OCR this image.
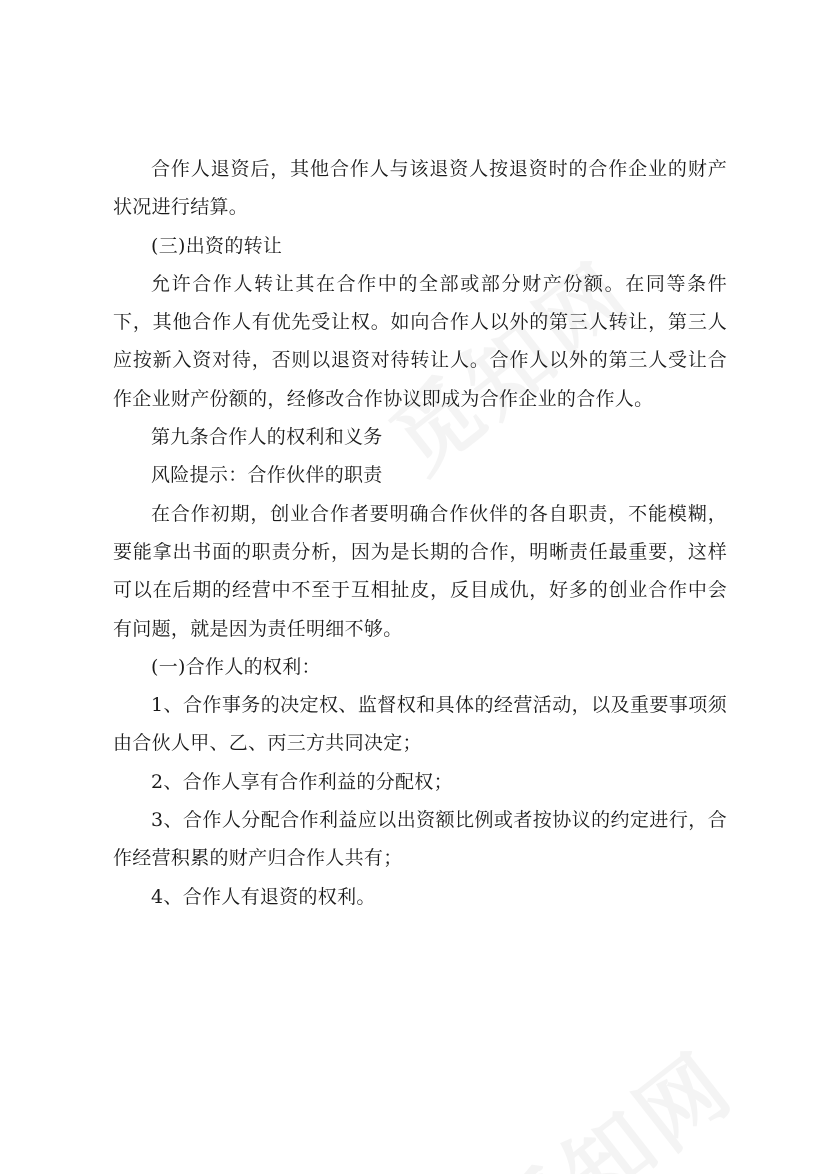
合作人退资后，其他合作人与该退资人按退资时的合作企业的财产状况进行结算。

(三)出资的转让

允许合作人转让其在合作中的全部或部分财产份额。在同等条件下，其他合作人有优先受让权。如向合作人以外的第三人转让，第三人应按新入资对待，否则以退资对待转让人。合作人以外的第三人受让合作企业财产份额的，经修改合作协议即成为合作企业的合作人。

第九条合作人的权利和义务

风险提示：合作伙伴的职责

在合作初期，创业合作者要明确合作伙伴的各自职责，不能模糊，要能拿出书面的职责分析，因为是长期的合作，明晰责任最重要，这样可以在后期的经营中不至于互相扯皮，反目成仇，好多的创业合作中会有问题，就是因为责任明细不够。

(一)合作人的权利：

1、合作事务的决定权、监督权和具体的经营活动，以及重要事项须由合伙人甲、乙、丙三方共同决定；

2、合作人享有合作利益的分配权；

3、合作人分配合作利益应以出资额比例或者按协议的约定进行，合作经营积累的财产归合作人共有；

4、合作人有退资的权利。
